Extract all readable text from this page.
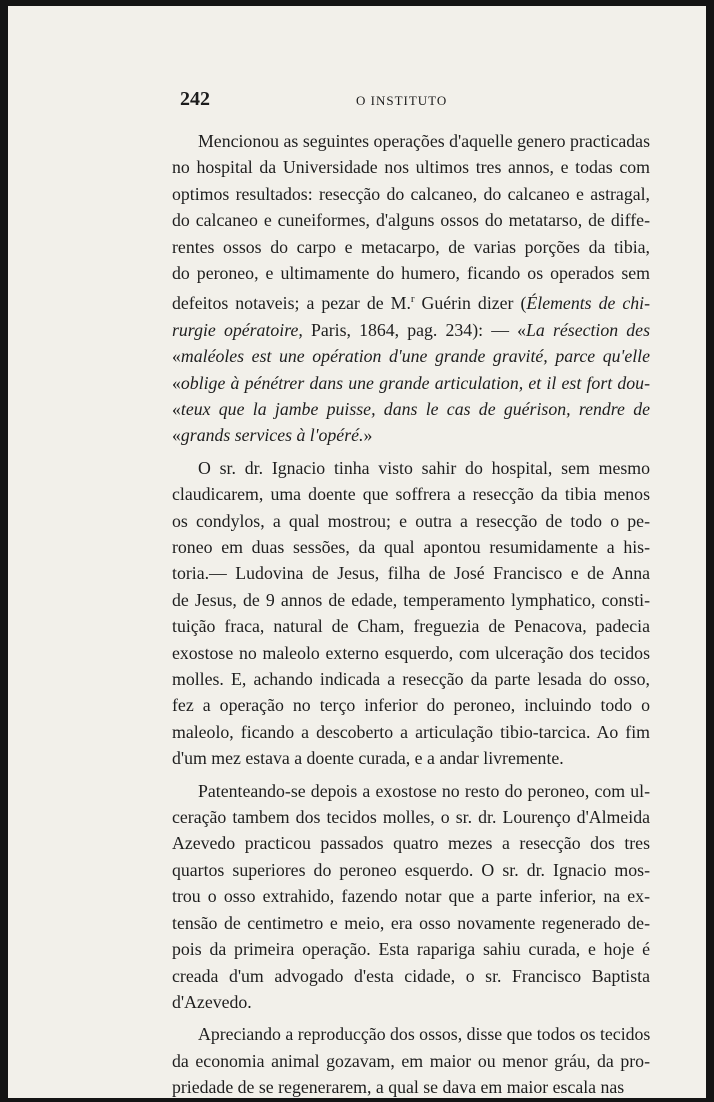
242	O INSTITUTO
Mencionou as seguintes operações d'aquelle genero practicadas
no hospital da Universidade nos ultimos tres annos, e todas com
optimos resultados: resecção do calcaneo, do calcaneo e astragal,
do calcaneo e cuneiformes, d'alguns ossos do metatarso, de diffe-
rentes ossos do carpo e metacarpo, de varias porções da tibia,
do peroneo, e ultimamente do humero, ficando os operados sem
defeitos notaveis; a pezar de M.$^r$ Guérin dizer (Élements de chi-
rurgie opératoire, Paris, 1864, pag. 234): — «La résection des
«maléoles est une opération d'une grande gravité, parce qu'elle
«oblige à pénétrer dans une grande articulation, et il est fort dou-
«teux que la jambe puisse, dans le cas de guérison, rendre de
«grands services à l'opéré.»
O sr. dr. Ignacio tinha visto sahir do hospital, sem mesmo
claudicarem, uma doente que soffrera a resecção da tibia menos
os condylos, a qual mostrou; e outra a resecção de todo o pe-
roneo em duas sessões, da qual apontou resumidamente a his-
toria.— Ludovina de Jesus, filha de José Francisco e de Anna
de Jesus, de 9 annos de edade, temperamento lymphatico, consti-
tuição fraca, natural de Cham, freguezia de Penacova, padecia
exostose no maleolo externo esquerdo, com ulceração dos tecidos
molles. E, achando indicada a resecção da parte lesada do osso,
fez a operação no terço inferior do peroneo, incluindo todo o
maleolo, ficando a descoberto a articulação tibio-tarcica. Ao fim
d'um mez estava a doente curada, e a andar livremente.
Patenteando-se depois a exostose no resto do peroneo, com ul-
ceração tambem dos tecidos molles, o sr. dr. Lourenço d'Almeida
Azevedo practicou passados quatro mezes a resecção dos tres
quartos superiores do peroneo esquerdo. O sr. dr. Ignacio mos-
trou o osso extrahido, fazendo notar que a parte inferior, na ex-
tensão de centimetro e meio, era osso novamente regenerado de-
pois da primeira operação. Esta rapariga sahiu curada, e hoje é
creada d'um advogado d'esta cidade, o sr. Francisco Baptista
d'Azevedo.
Apreciando a reproducção dos ossos, disse que todos os tecidos
da economia animal gozavam, em maior ou menor gráu, da pro-
priedade de se regenerarem, a qual se dava em maior escala nas
